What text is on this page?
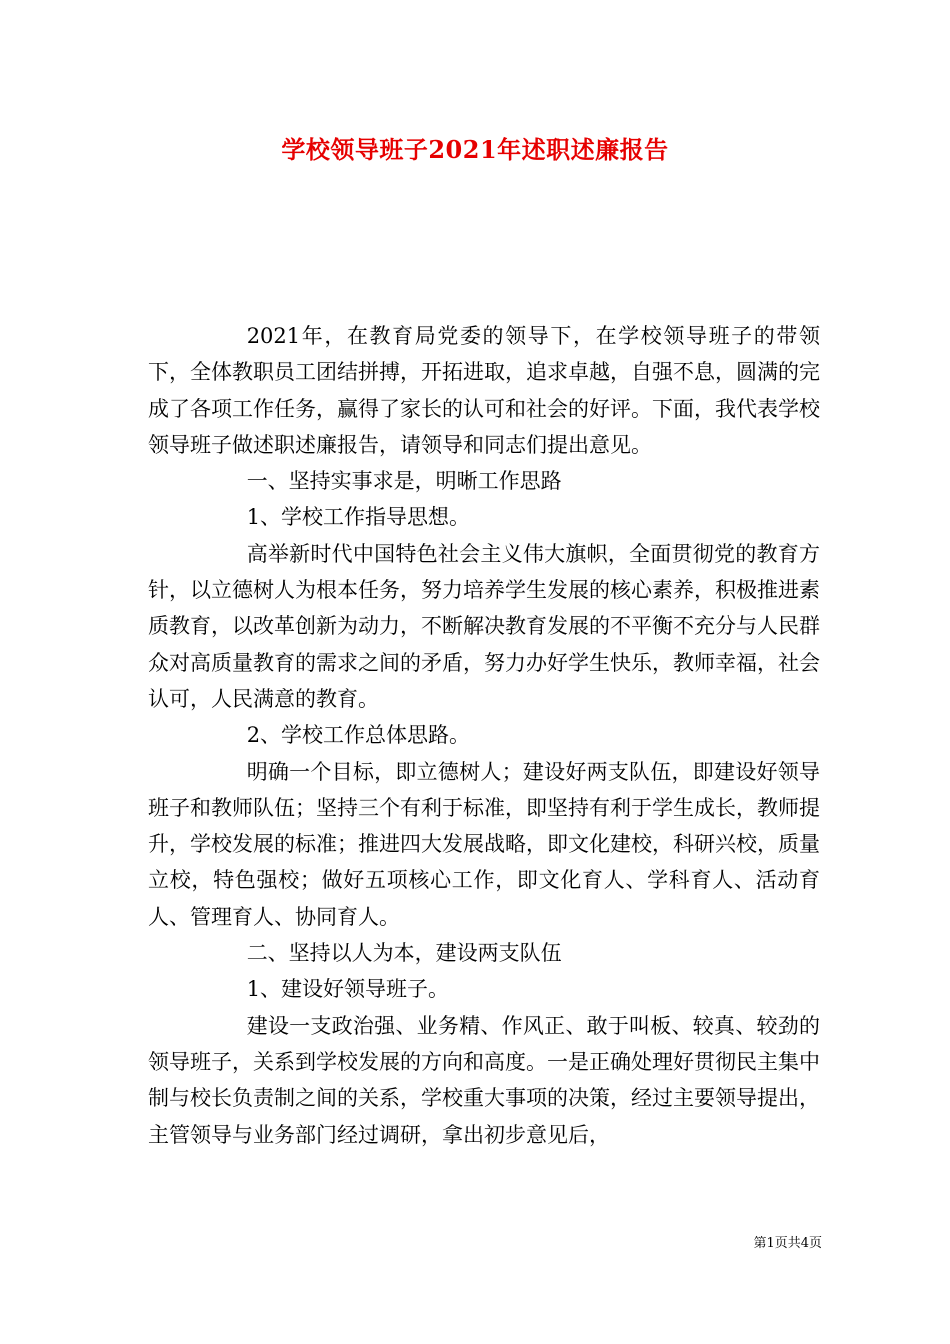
学校领导班子2021年述职述廉报告

2021年，在教育局党委的领导下，在学校领导班子的带领下，全体教职员工团结拼搏，开拓进取，追求卓越，自强不息，圆满的完成了各项工作任务，赢得了家长的认可和社会的好评。下面，我代表学校领导班子做述职述廉报告，请领导和同志们提出意见。

一、坚持实事求是，明晰工作思路

1、学校工作指导思想。

高举新时代中国特色社会主义伟大旗帜，全面贯彻党的教育方针，以立德树人为根本任务，努力培养学生发展的核心素养，积极推进素质教育，以改革创新为动力，不断解决教育发展的不平衡不充分与人民群众对高质量教育的需求之间的矛盾，努力办好学生快乐，教师幸福，社会认可，人民满意的教育。

2、学校工作总体思路。

明确一个目标，即立德树人；建设好两支队伍，即建设好领导班子和教师队伍；坚持三个有利于标准，即坚持有利于学生成长，教师提升，学校发展的标准；推进四大发展战略，即文化建校，科研兴校，质量立校，特色强校；做好五项核心工作，即文化育人、学科育人、活动育人、管理育人、协同育人。

二、坚持以人为本，建设两支队伍

1、建设好领导班子。

建设一支政治强、业务精、作风正、敢于叫板、较真、较劲的领导班子，关系到学校发展的方向和高度。一是正确处理好贯彻民主集中制与校长负责制之间的关系，学校重大事项的决策，经过主要领导提出，主管领导与业务部门经过调研，拿出初步意见后，

第1页共4页
